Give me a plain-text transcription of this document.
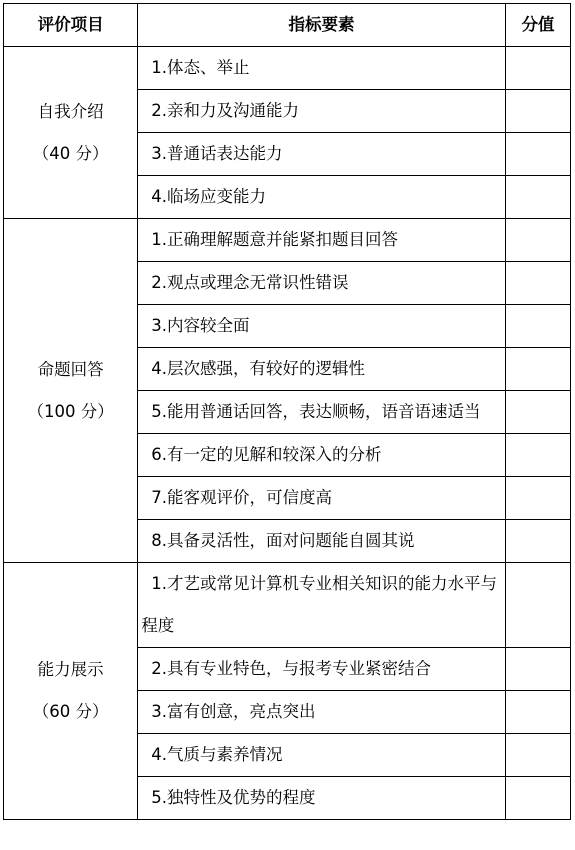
评价项目	指标要素	分值

自我介绍
（40 分）	1.体态、举止	
	2.亲和力及沟通能力	
	3.普通话表达能力	
	4.临场应变能力	

命题回答
（100 分）	1.正确理解题意并能紧扣题目回答	
	2.观点或理念无常识性错误	
	3.内容较全面	
	4.层次感强，有较好的逻辑性	
	5.能用普通话回答，表达顺畅，语音语速适当	
	6.有一定的见解和较深入的分析	
	7.能客观评价，可信度高	
	8.具备灵活性，面对问题能自圆其说	

能力展示
（60 分）	1.才艺或常见计算机专业相关知识的能力水平与程度	
	2.具有专业特色，与报考专业紧密结合	
	3.富有创意，亮点突出	
	4.气质与素养情况	
	5.独特性及优势的程度	
